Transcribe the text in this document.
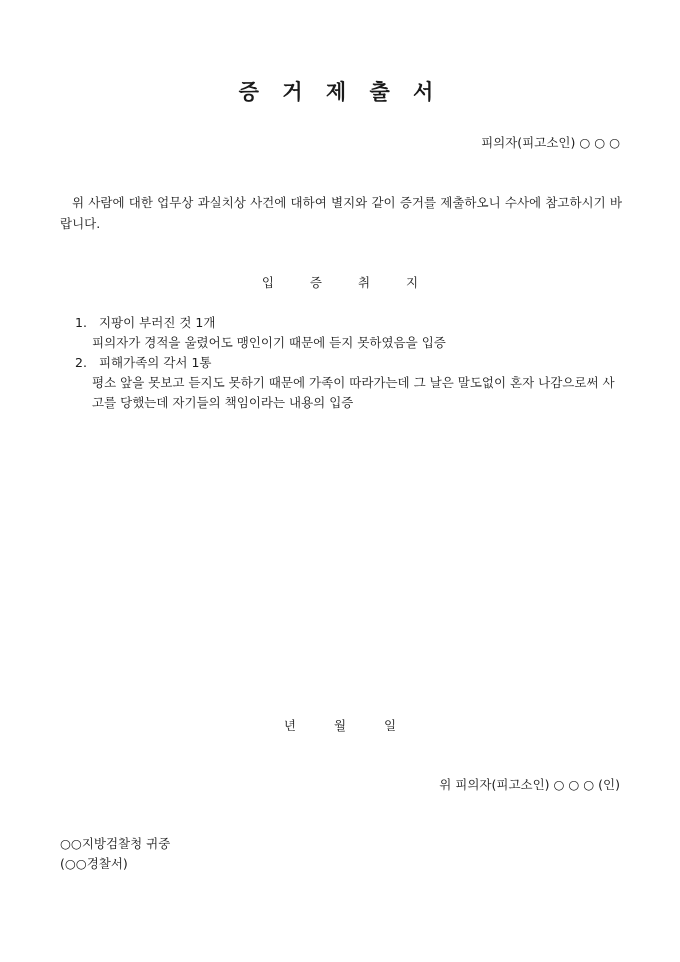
증 거 제 출 서
피의자(피고소인) ○ ○ ○
위 사람에 대한 업무상 과실치상 사건에 대하여 별지와 같이 증거를 제출하오니 수사에 참고하시기 바랍니다.
입 증 취 지
1. 지팡이 부러진 것 1개
피의자가 경적을 울렸어도 맹인이기 때문에 듣지 못하였음을 입증
2. 피해가족의 각서 1통
평소 앞을 못보고 듣지도 못하기 때문에 가족이 따라가는데 그 날은 말도없이 혼자 나감으로써 사고를 당했는데 자기들의 책임이라는 내용의 입증
년 월 일
위 피의자(피고소인) ○ ○ ○ (인)
○○지방검찰청 귀중
(○○경찰서)
